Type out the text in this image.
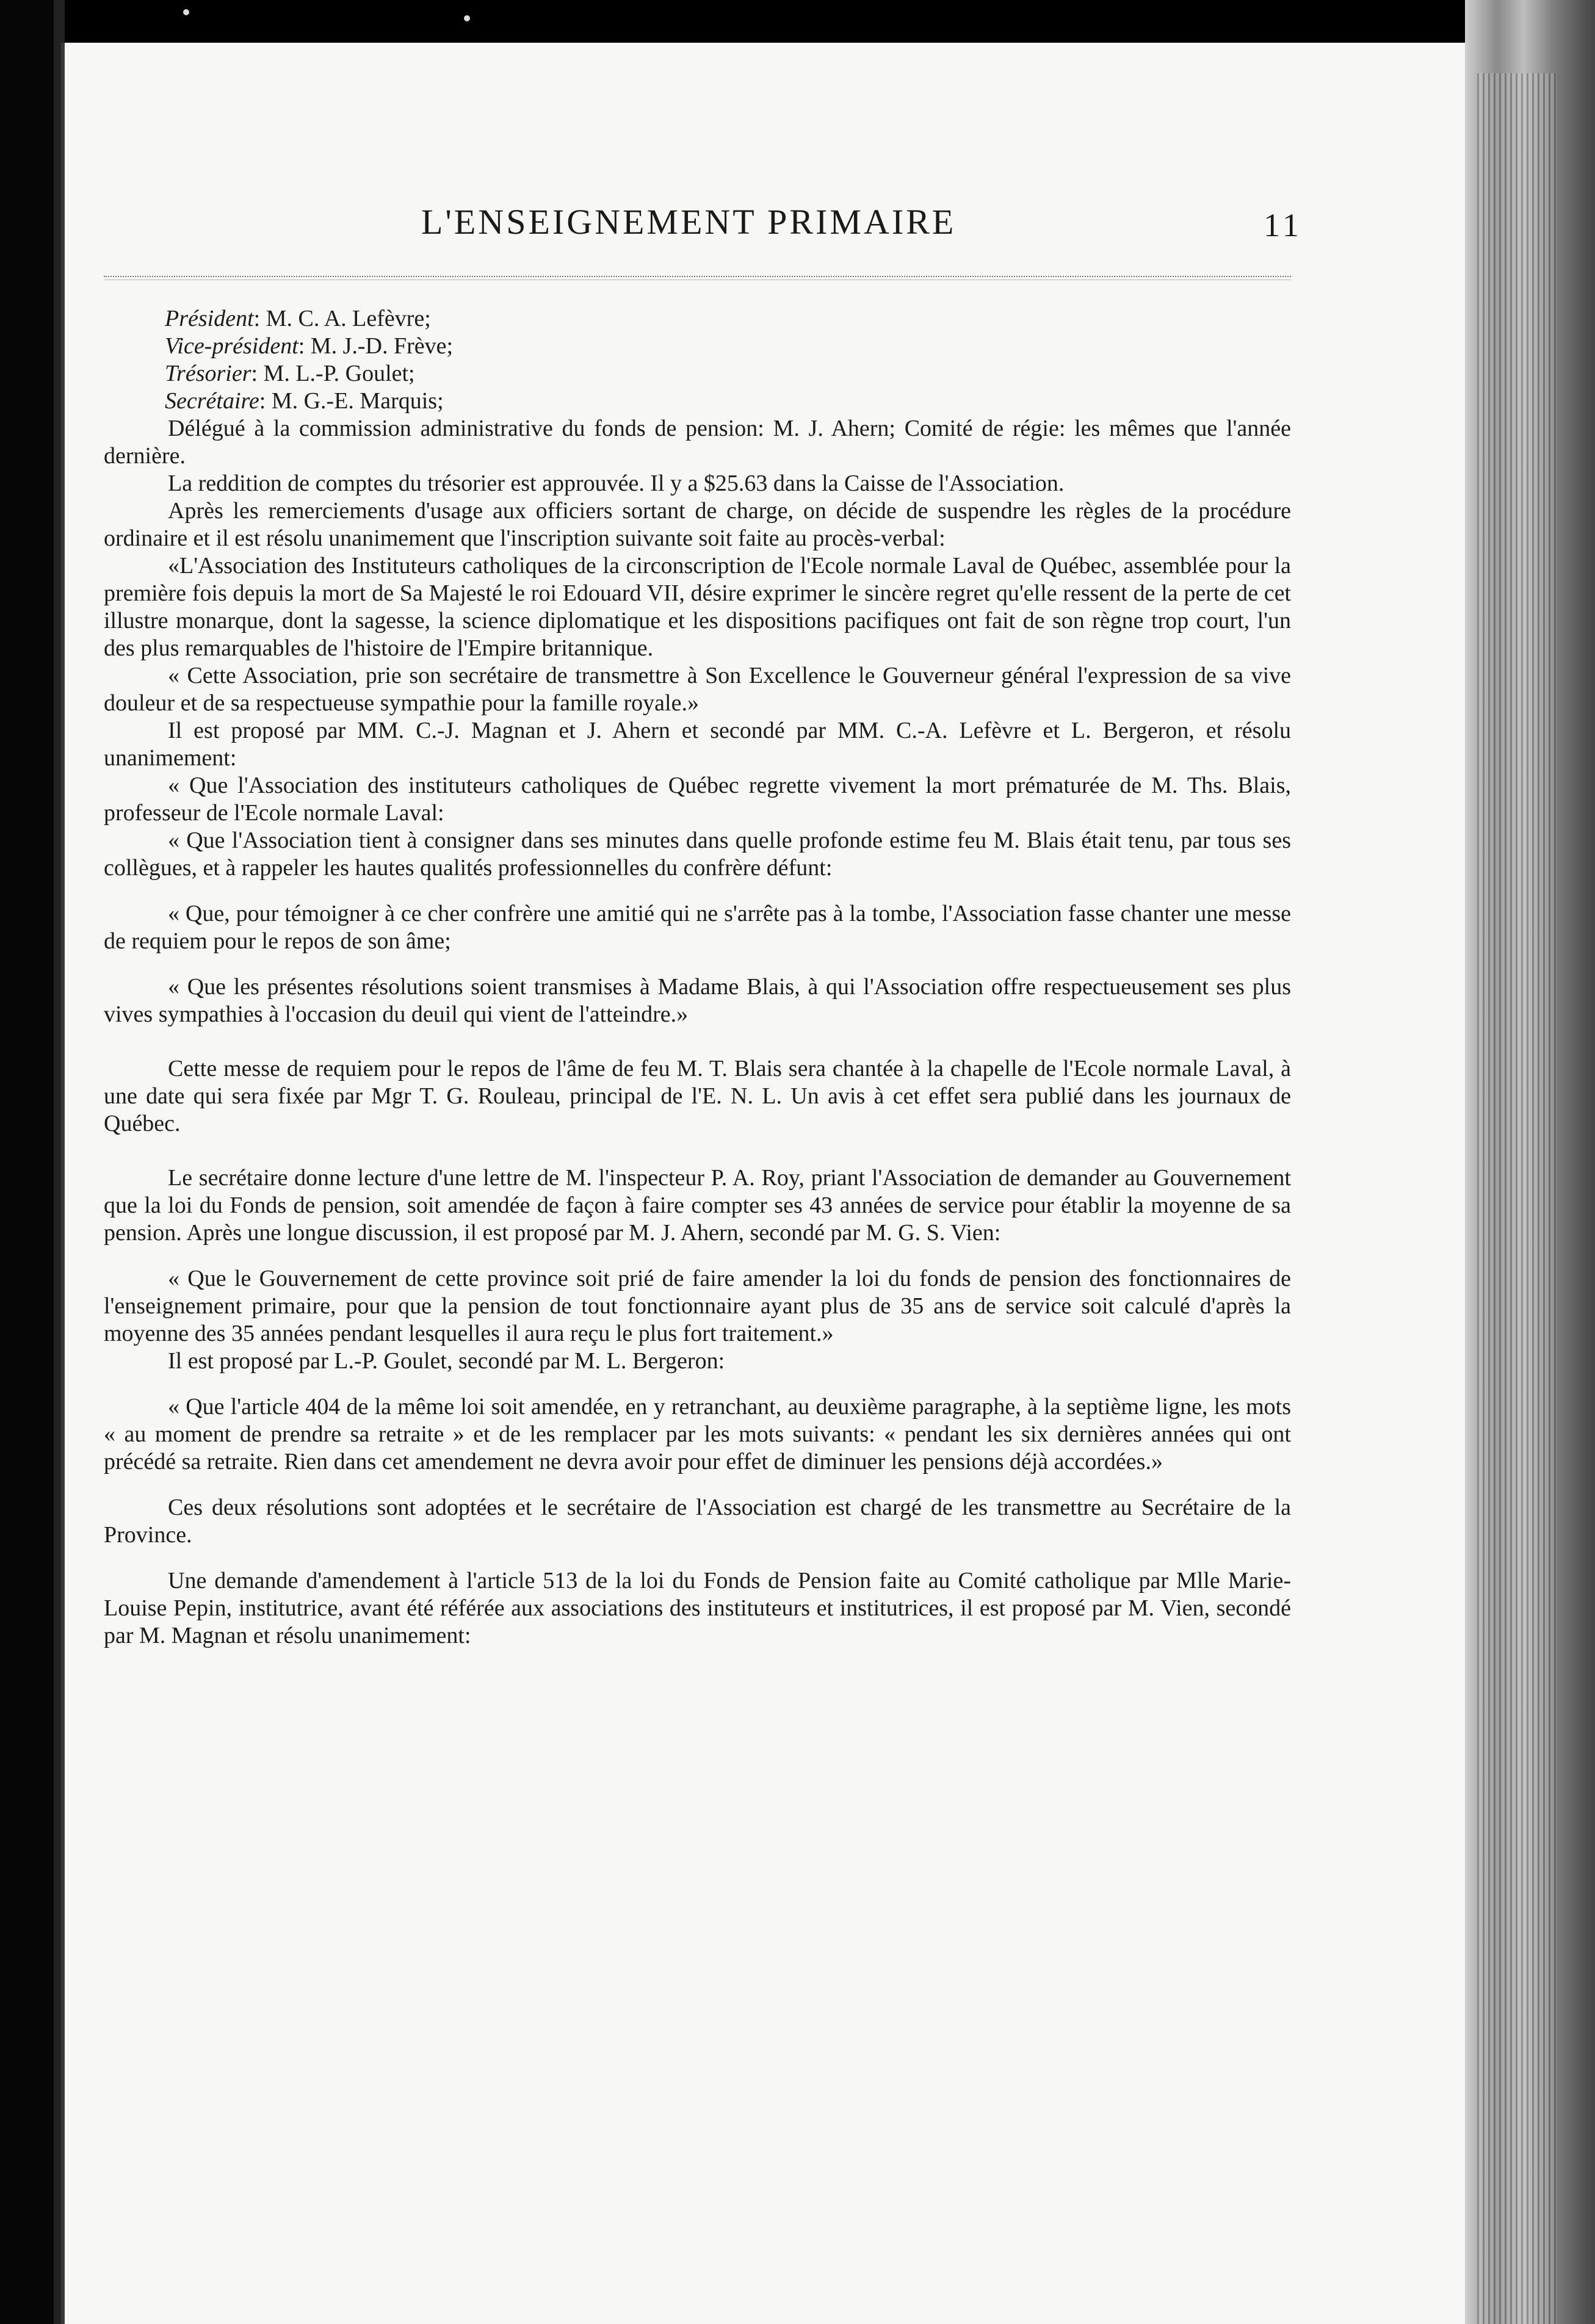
L'ENSEIGNEMENT PRIMAIRE	11

Président: M. C. A. Lefèvre;

Vice-président: M. J.-D. Frève;

Trésorier: M. L.-P. Goulet;

Secrétaire: M. G.-E. Marquis;

Délégué à la commission administrative du fonds de pension: M. J. Ahern; Comité de régie: les mêmes que l'année dernière.

La reddition de comptes du trésorier est approuvée. Il y a $25.63 dans la Caisse de l'Association.

Après les remerciements d'usage aux officiers sortant de charge, on décide de suspendre les règles de la procédure ordinaire et il est résolu unanimement que l'inscription suivante soit faite au procès-verbal:

«L'Association des Instituteurs catholiques de la circonscription de l'Ecole normale Laval de Québec, assemblée pour la première fois depuis la mort de Sa Majesté le roi Edouard VII, désire exprimer le sincère regret qu'elle ressent de la perte de cet illustre monarque, dont la sagesse, la science diplomatique et les dispositions pacifiques ont fait de son règne trop court, l'un des plus remarquables de l'histoire de l'Empire britannique.

« Cette Association, prie son secrétaire de transmettre à Son Excellence le Gouverneur général l'expression de sa vive douleur et de sa respectueuse sympathie pour la famille royale.»

Il est proposé par MM. C.-J. Magnan et J. Ahern et secondé par MM. C.-A. Lefèvre et L. Bergeron, et résolu unanimement:

« Que l'Association des instituteurs catholiques de Québec regrette vivement la mort prématurée de M. Ths. Blais, professeur de l'Ecole normale Laval:

« Que l'Association tient à consigner dans ses minutes dans quelle profonde estime feu M. Blais était tenu, par tous ses collègues, et à rappeler les hautes qualités professionnelles du confrère défunt:

« Que, pour témoigner à ce cher confrère une amitié qui ne s'arrête pas à la tombe, l'Association fasse chanter une messe de requiem pour le repos de son âme;

« Que les présentes résolutions soient transmises à Madame Blais, à qui l'Association offre respectueusement ses plus vives sympathies à l'occasion du deuil qui vient de l'atteindre.»

Cette messe de requiem pour le repos de l'âme de feu M. T. Blais sera chantée à la chapelle de l'Ecole normale Laval, à une date qui sera fixée par Mgr T. G. Rouleau, principal de l'E. N. L. Un avis à cet effet sera publié dans les journaux de Québec.

Le secrétaire donne lecture d'une lettre de M. l'inspecteur P. A. Roy, priant l'Association de demander au Gouvernement que la loi du Fonds de pension, soit amendée de façon à faire compter ses 43 années de service pour établir la moyenne de sa pension. Après une longue discussion, il est proposé par M. J. Ahern, secondé par M. G. S. Vien:

« Que le Gouvernement de cette province soit prié de faire amender la loi du fonds de pension des fonctionnaires de l'enseignement primaire, pour que la pension de tout fonctionnaire ayant plus de 35 ans de service soit calculé d'après la moyenne des 35 années pendant lesquelles il aura reçu le plus fort traitement.»

Il est proposé par L.-P. Goulet, secondé par M. L. Bergeron:

« Que l'article 404 de la même loi soit amendée, en y retranchant, au deuxième paragraphe, à la septième ligne, les mots « au moment de prendre sa retraite » et de les remplacer par les mots suivants: « pendant les six dernières années qui ont précédé sa retraite. Rien dans cet amendement ne devra avoir pour effet de diminuer les pensions déjà accordées.»

Ces deux résolutions sont adoptées et le secrétaire de l'Association est chargé de les transmettre au Secrétaire de la Province.

Une demande d'amendement à l'article 513 de la loi du Fonds de Pension faite au Comité catholique par Mlle Marie-Louise Pepin, institutrice, avant été référée aux associations des instituteurs et institutrices, il est proposé par M. Vien, secondé par M. Magnan et résolu unanimement:
